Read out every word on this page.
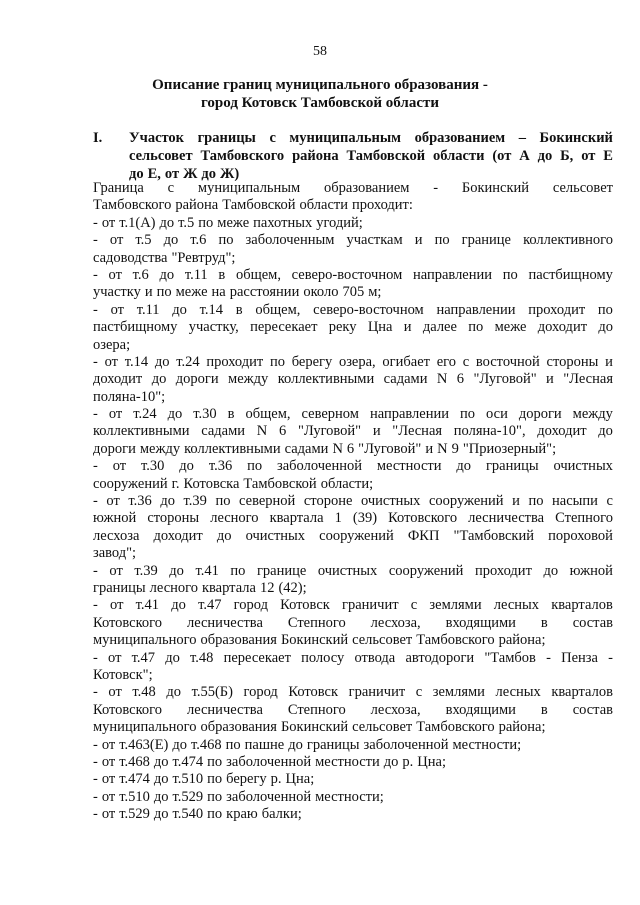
58
Описание границ муниципального образования -
город Котовск Тамбовской области
I. Участок границы с муниципальным образованием – Бокинский
сельсовет Тамбовского района Тамбовской области (от А до Б, от Е
до Е, от Ж до Ж)
Граница с муниципальным образованием - Бокинский сельсовет
Тамбовского района Тамбовской области проходит:
- от т.1(А) до т.5 по меже пахотных угодий;
- от т.5 до т.6 по заболоченным участкам и по границе коллективного
садоводства "Ревтруд";
- от т.6 до т.11 в общем, северо-восточном направлении по пастбищному
участку и по меже на расстоянии около 705 м;
- от т.11 до т.14 в общем, северо-восточном направлении проходит по
пастбищному участку, пересекает реку Цна и далее по меже доходит до
озера;
- от т.14 до т.24 проходит по берегу озера, огибает его с восточной стороны и
доходит до дороги между коллективными садами N 6 "Луговой" и "Лесная
поляна-10";
- от т.24 до т.30 в общем, северном направлении по оси дороги между
коллективными садами N 6 "Луговой" и "Лесная поляна-10", доходит до
дороги между коллективными садами N 6 "Луговой" и N 9 "Приозерный";
- от т.30 до т.36 по заболоченной местности до границы очистных
сооружений г. Котовска Тамбовской области;
- от т.36 до т.39 по северной стороне очистных сооружений и по насыпи с
южной стороны лесного квартала 1 (39) Котовского лесничества Степного
лесхоза доходит до очистных сооружений ФКП "Тамбовский пороховой
завод";
- от т.39 до т.41 по границе очистных сооружений проходит до южной
границы лесного квартала 12 (42);
- от т.41 до т.47 город Котовск граничит с землями лесных кварталов
Котовского лесничества Степного лесхоза, входящими в состав
муниципального образования Бокинский сельсовет Тамбовского района;
- от т.47 до т.48 пересекает полосу отвода автодороги "Тамбов - Пенза -
Котовск";
- от т.48 до т.55(Б) город Котовск граничит с землями лесных кварталов
Котовского лесничества Степного лесхоза, входящими в состав
муниципального образования Бокинский сельсовет Тамбовского района;
- от т.463(Е) до т.468 по пашне до границы заболоченной местности;
- от т.468 до т.474 по заболоченной местности до р. Цна;
- от т.474 до т.510 по берегу р. Цна;
- от т.510 до т.529 по заболоченной местности;
- от т.529 до т.540 по краю балки;
